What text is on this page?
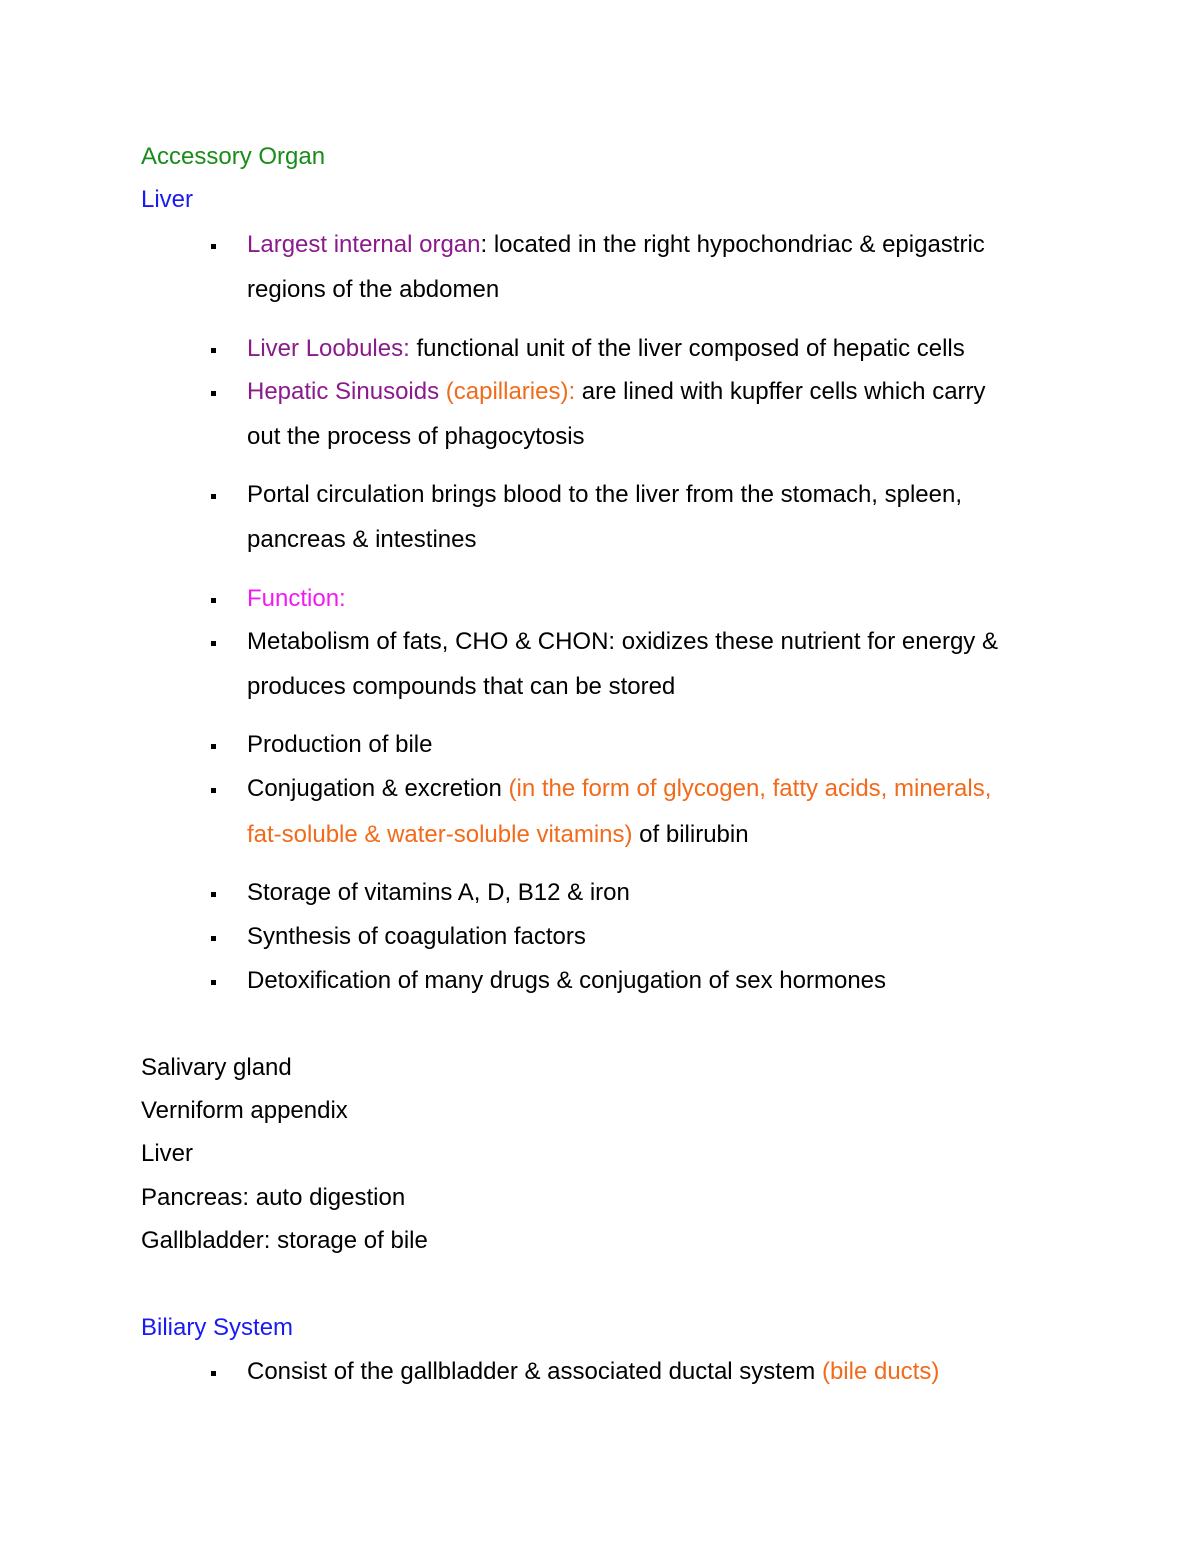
Accessory Organ
Liver
Largest internal organ: located in the right hypochondriac & epigastric
regions of the abdomen
Liver Loobules: functional unit of the liver composed of hepatic cells
Hepatic Sinusoids (capillaries): are lined with kupffer cells which carry
out the process of phagocytosis
Portal circulation brings blood to the liver from the stomach, spleen,
pancreas & intestines
Function:
Metabolism of fats, CHO & CHON: oxidizes these nutrient for energy &
produces compounds that can be stored
Production of bile
Conjugation & excretion (in the form of glycogen, fatty acids, minerals,
fat-soluble & water-soluble vitamins) of bilirubin
Storage of vitamins A, D, B12 & iron
Synthesis of coagulation factors
Detoxification of many drugs & conjugation of sex hormones
Salivary gland
Verniform appendix
Liver
Pancreas: auto digestion
Gallbladder: storage of bile
Biliary System
Consist of the gallbladder & associated ductal system (bile ducts)
